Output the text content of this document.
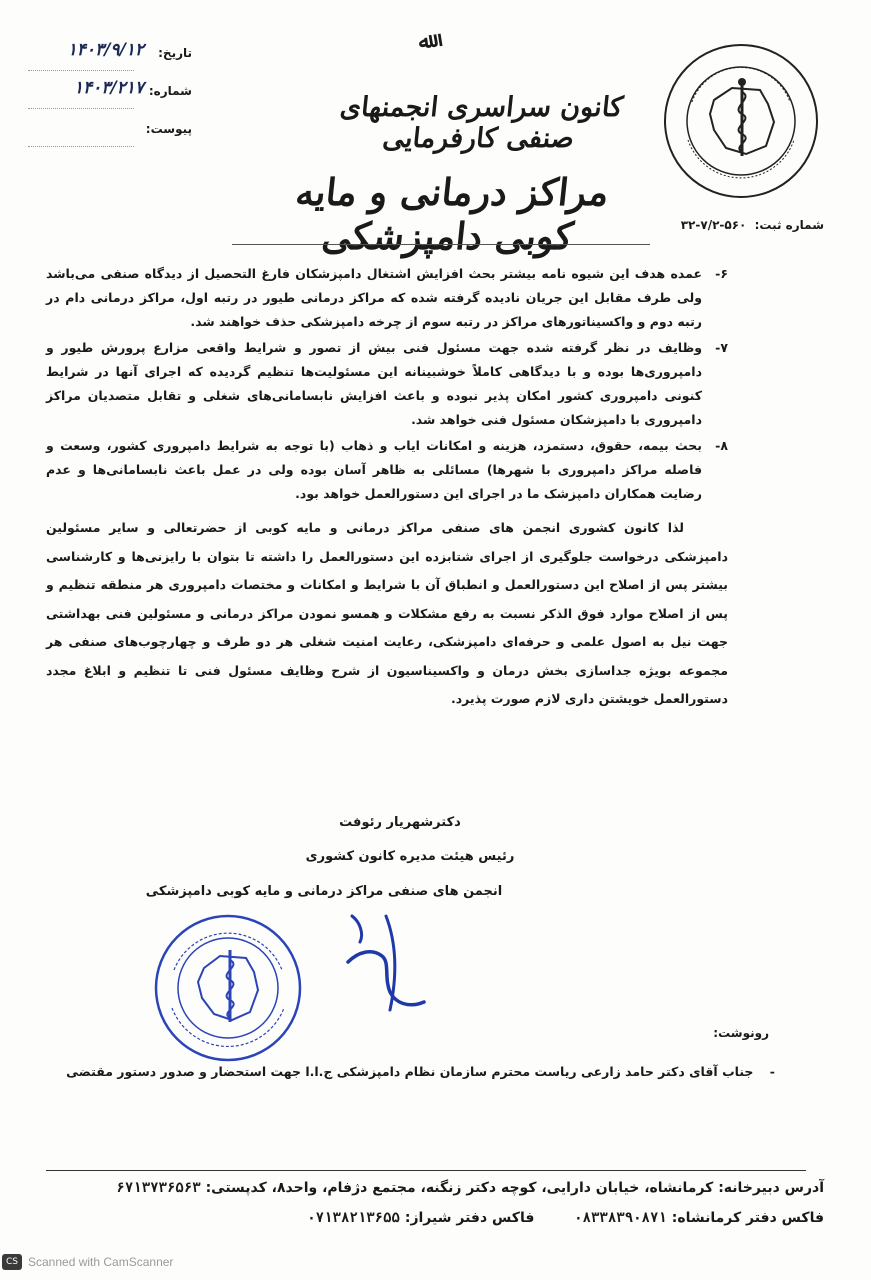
ﷲ
تاریخ:
۱۴۰۳/۹/۱۲
شماره:
۱۴۰۳/۲۱۷
پیوست:
کانون سراسری انجمنهای صنفی کارفرمایی
مراکز درمانی و مایه کوبی دامپزشکی	شماره ثبت: ۵۶۰-۷/۲-۳۲
۶-
عمده هدف این شیوه نامه بیشتر بحث افزایش اشتغال دامپزشکان فارغ التحصیل از دیدگاه صنفی می‌باشد ولی طرف مقابل این جریان نادیده گرفته شده که مراکز درمانی طیور در رتبه اول، مراکز درمانی دام در رتبه دوم و واکسیناتورهای مراکز در رتبه سوم از چرخه دامپزشکی حذف خواهند شد.
۷-
وظایف در نظر گرفته شده جهت مسئول فنی بیش از تصور و شرایط واقعی مزارع پرورش طیور و دامپروری‌ها بوده و با دیدگاهی کاملاً خوشبینانه این مسئولیت‌ها تنظیم گردیده که اجرای آنها در شرایط کنونی دامپروری کشور امکان پذیر نبوده و باعث افزایش نابسامانی‌های شغلی و تقابل متصدیان مراکز دامپروری با دامپزشکان مسئول فنی خواهد شد.
۸-
بحث بیمه، حقوق، دستمزد، هزینه و امکانات ایاب و ذهاب (با توجه به شرایط دامپروری کشور، وسعت و فاصله مراکز دامپروری با شهرها) مسائلی به ظاهر آسان بوده ولی در عمل باعث نابسامانی‌ها و عدم رضایت همکاران دامپزشک ما در اجرای این دستورالعمل خواهد بود.
لذا کانون کشوری انجمن های صنفی مراکز درمانی و مایه کوبی از حضرتعالی و سایر مسئولین دامپزشکی درخواست جلوگیری از اجرای شتابزده این دستورالعمل را داشته تا بتوان با رایزنی‌ها و کارشناسی بیشتر پس از اصلاح این دستورالعمل و انطباق آن با شرایط و امکانات و مختصات دامپروری هر منطقه تنظیم و پس از اصلاح موارد فوق الذکر نسبت به رفع مشکلات و همسو نمودن مراکز درمانی و مسئولین فنی بهداشتی جهت نیل به اصول علمی و حرفه‌ای دامپزشکی، رعایت امنیت شغلی هر دو طرف و چهارچوب‌های صنفی هر مجموعه بویژه جداسازی بخش درمان و واکسیناسیون از شرح وظایف مسئول فنی تا تنظیم و ابلاغ مجدد دستورالعمل خویشتن داری لازم صورت پذیرد.
دکترشهریار رئوفت
رئیس هیئت مدیره کانون کشوری
انجمن های صنفی مراکز درمانی و مایه کوبی دامپزشکی
رونوشت:
- جناب آقای دکتر حامد زارعی ریاست محترم سازمان نظام دامپزشکی ج.ا.ا جهت استحضار و صدور دستور مقتضی
آدرس دبیرخانه: کرمانشاه، خیابان دارایی، کوچه دکتر زنگنه، مجتمع دژفام، واحد۸، کدپستی: ۶۷۱۳۷۳۶۵۶۳
فاکس دفتر کرمانشاه: ۰۸۳۳۸۳۹۰۸۷۱  فاکس دفتر شیراز: ۰۷۱۳۸۲۱۳۶۵۵
CS Scanned with CamScanner
